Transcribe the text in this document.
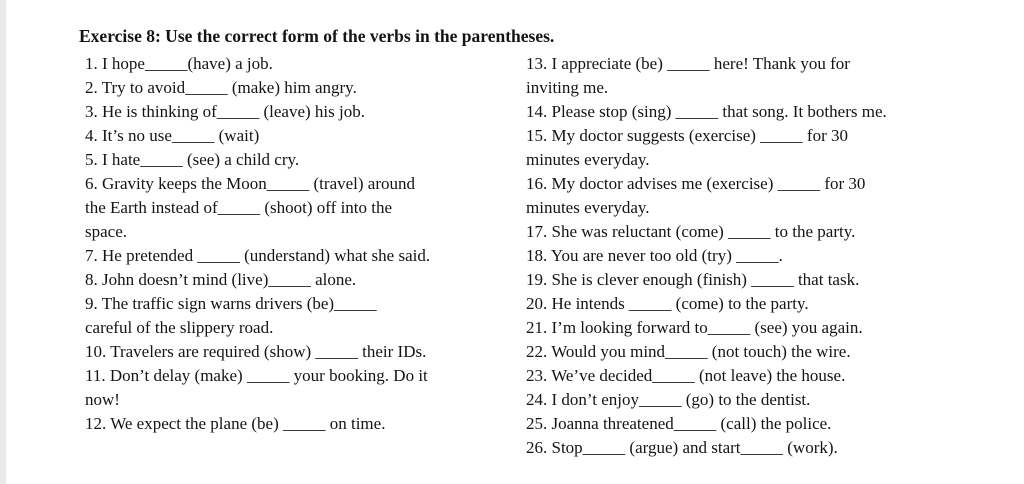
Exercise 8: Use the correct form of the verbs in the parentheses.
1. I hope_____(have) a job.
2. Try to avoid_____ (make) him angry.
3. He is thinking of_____ (leave) his job.
4. It’s no use_____ (wait)
5. I hate_____ (see) a child cry.
6. Gravity keeps the Moon_____ (travel) around
the Earth instead of_____ (shoot) off into the
space.
7. He pretended _____ (understand) what she said.
8. John doesn’t mind (live)_____ alone.
9. The traffic sign warns drivers (be)_____
careful of the slippery road.
10. Travelers are required (show) _____ their IDs.
11. Don’t delay (make) _____ your booking. Do it
now!
12. We expect the plane (be) _____ on time.
13. I appreciate (be) _____ here! Thank you for
inviting me.
14. Please stop (sing) _____ that song. It bothers me.
15. My doctor suggests (exercise) _____ for 30
minutes everyday.
16. My doctor advises me (exercise) _____ for 30
minutes everyday.
17. She was reluctant (come) _____ to the party.
18. You are never too old (try) _____.
19. She is clever enough (finish) _____ that task.
20. He intends _____ (come) to the party.
21. I’m looking forward to_____ (see) you again.
22. Would you mind_____ (not touch) the wire.
23. We’ve decided_____ (not leave) the house.
24. I don’t enjoy_____ (go) to the dentist.
25. Joanna threatened_____ (call) the police.
26. Stop_____ (argue) and start_____ (work).
